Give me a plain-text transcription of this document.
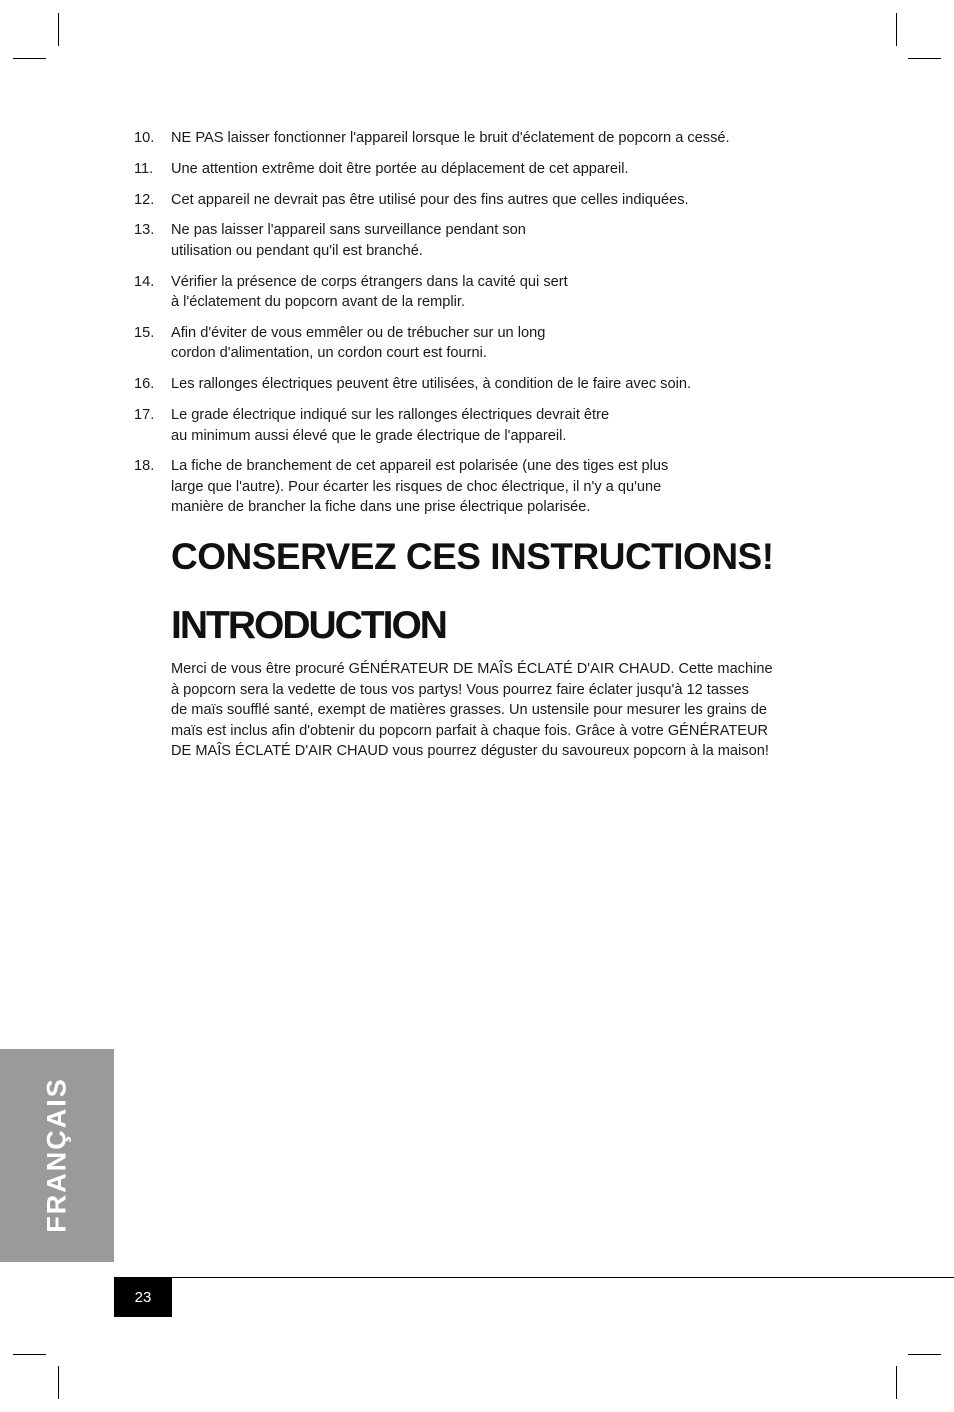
10.	NE PAS laisser fonctionner l'appareil lorsque le bruit d'éclatement de popcorn a cessé.
11.	Une attention extrême doit être portée au déplacement de cet appareil.
12.	Cet appareil ne devrait pas être utilisé pour des fins autres que celles indiquées.
13.	Ne pas laisser l'appareil sans surveillance pendant son
utilisation ou pendant qu'il est branché.
14.	Vérifier la présence de corps étrangers dans la cavité qui sert
à l'éclatement du popcorn avant de la remplir.
15.	Afin d'éviter de vous emmêler ou de trébucher sur un long
cordon d'alimentation, un cordon court est fourni.
16.	Les rallonges électriques peuvent être utilisées, à condition de le faire avec soin.
17.	Le grade électrique indiqué sur les rallonges électriques devrait être
au minimum aussi élevé que le grade électrique de l'appareil.
18.	La fiche de branchement de cet appareil est polarisée (une des tiges est plus
large que l'autre). Pour écarter les risques de choc électrique, il n'y a qu'une
manière de brancher la fiche dans une prise électrique polarisée.
CONSERVEZ CES INSTRUCTIONS!
INTRODUCTION
Merci de vous être procuré GÉNÉRATEUR DE MAÎS ÉCLATÉ D'AIR CHAUD. Cette machine
à popcorn sera la vedette de tous vos partys! Vous pourrez faire éclater jusqu'à 12 tasses
de maïs soufflé santé, exempt de matières grasses. Un ustensile pour mesurer les grains de
maïs est inclus afin d'obtenir du popcorn parfait à chaque fois. Grâce à votre GÉNÉRATEUR
DE MAÎS ÉCLATÉ D'AIR CHAUD vous pourrez déguster du savoureux popcorn à la maison!
FRANÇAIS
23
